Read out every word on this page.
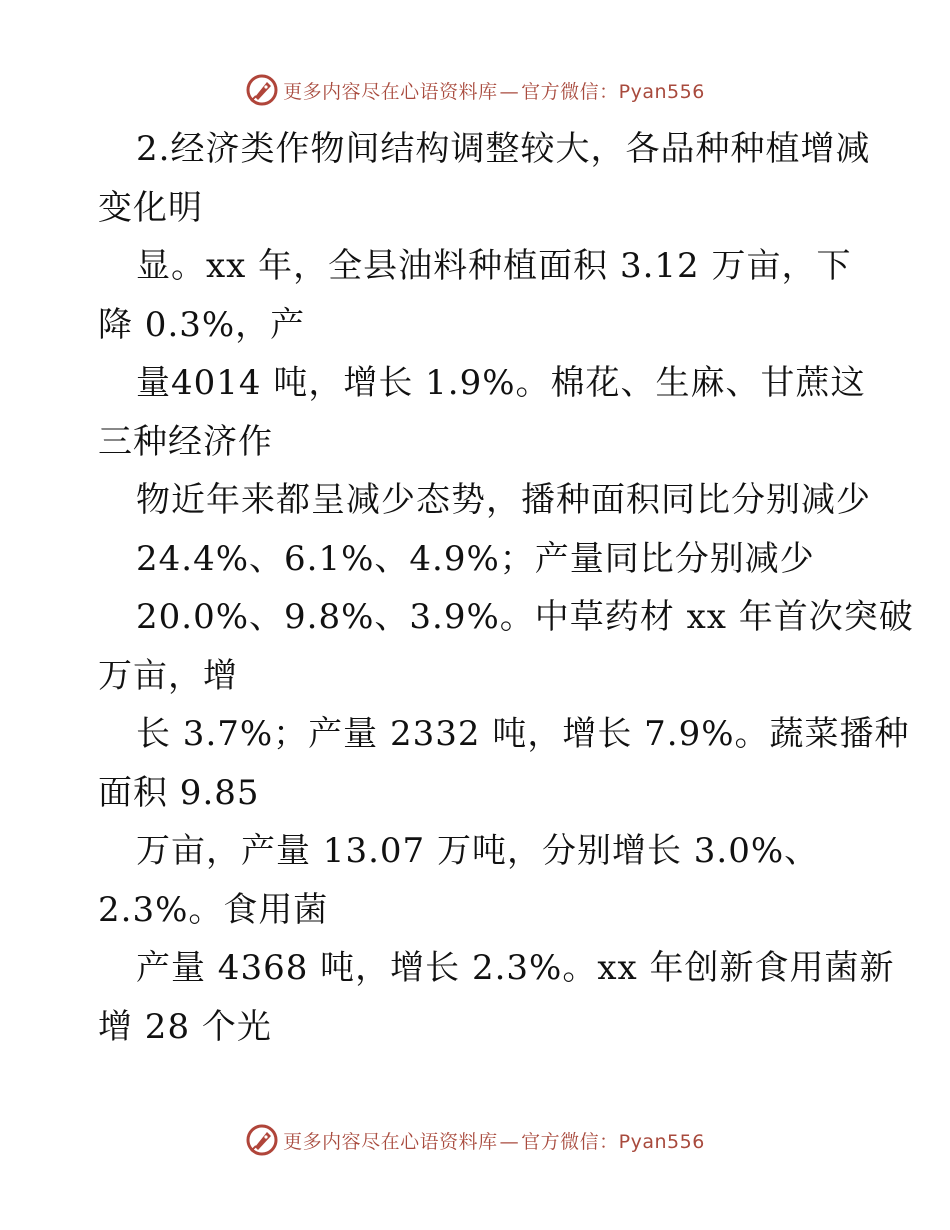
更多内容尽在心语资料库 — 官方微信：Pyan556
2.经济类作物间结构调整较大，各品种种植增减
变化明
显。xx 年，全县油料种植面积 3.12 万亩，下
降 0.3%，产
量4014 吨，增长 1.9%。棉花、生麻、甘蔗这
三种经济作
物近年来都呈减少态势，播种面积同比分别减少
24.4%、6.1%、4.9%；产量同比分别减少
20.0%、9.8%、3.9%。中草药材 xx 年首次突破
万亩，增
长 3.7%；产量 2332 吨，增长 7.9%。蔬菜播种
面积 9.85
万亩，产量 13.07 万吨，分别增长 3.0%、
2.3%。食用菌
产量 4368 吨，增长 2.3%。xx 年创新食用菌新
增 28 个光
更多内容尽在心语资料库 — 官方微信：Pyan556
